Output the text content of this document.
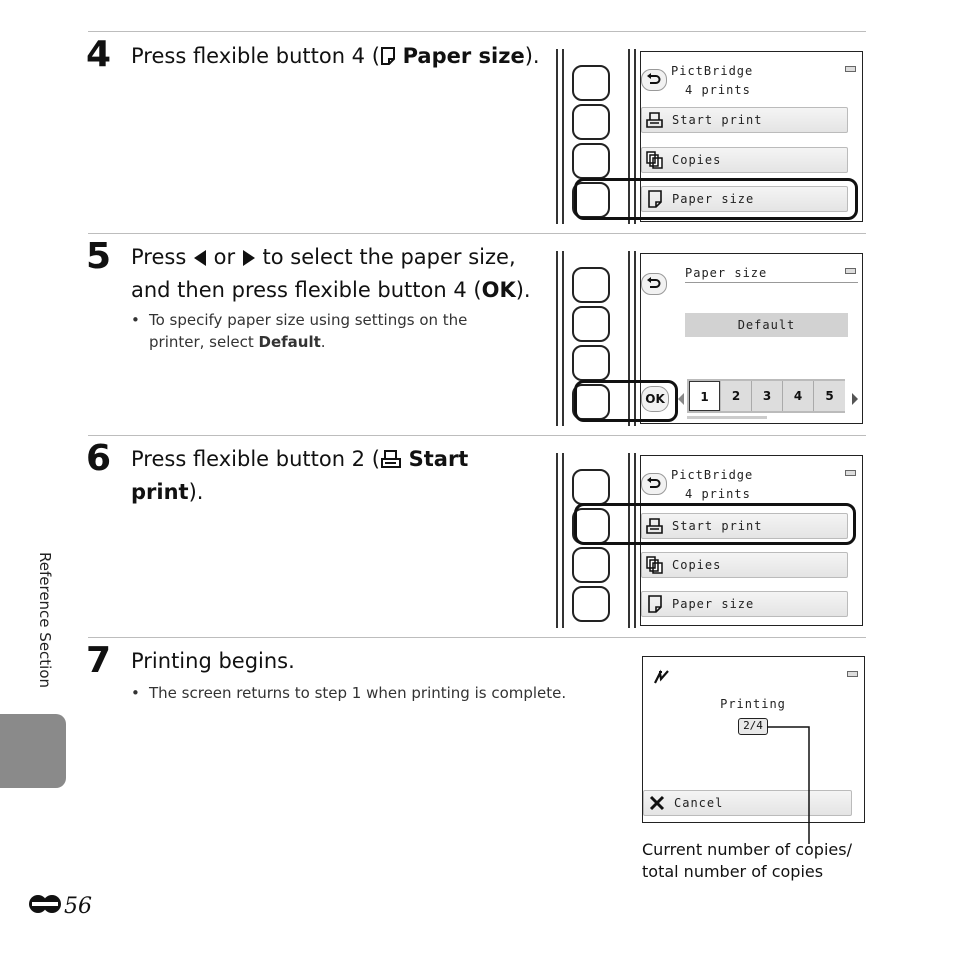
4 Press flexible button 4 ( Paper size).
PictBridge
4 prints
Start print
Copies
Paper size
5 Press or to select the paper size,
and then press flexible button 4 (OK).
• To specify paper size using settings on the
printer, select Default.
Paper size
Default
OK	1	2	3	4	5
6 Press flexible button 2 ( Start
print).
PictBridge
4 prints
Start print
Copies
Paper size
7 Printing begins.
• The screen returns to step 1 when printing is complete.
Printing
2/4
Cancel
Current number of copies/
total number of copies
Reference Section
56
